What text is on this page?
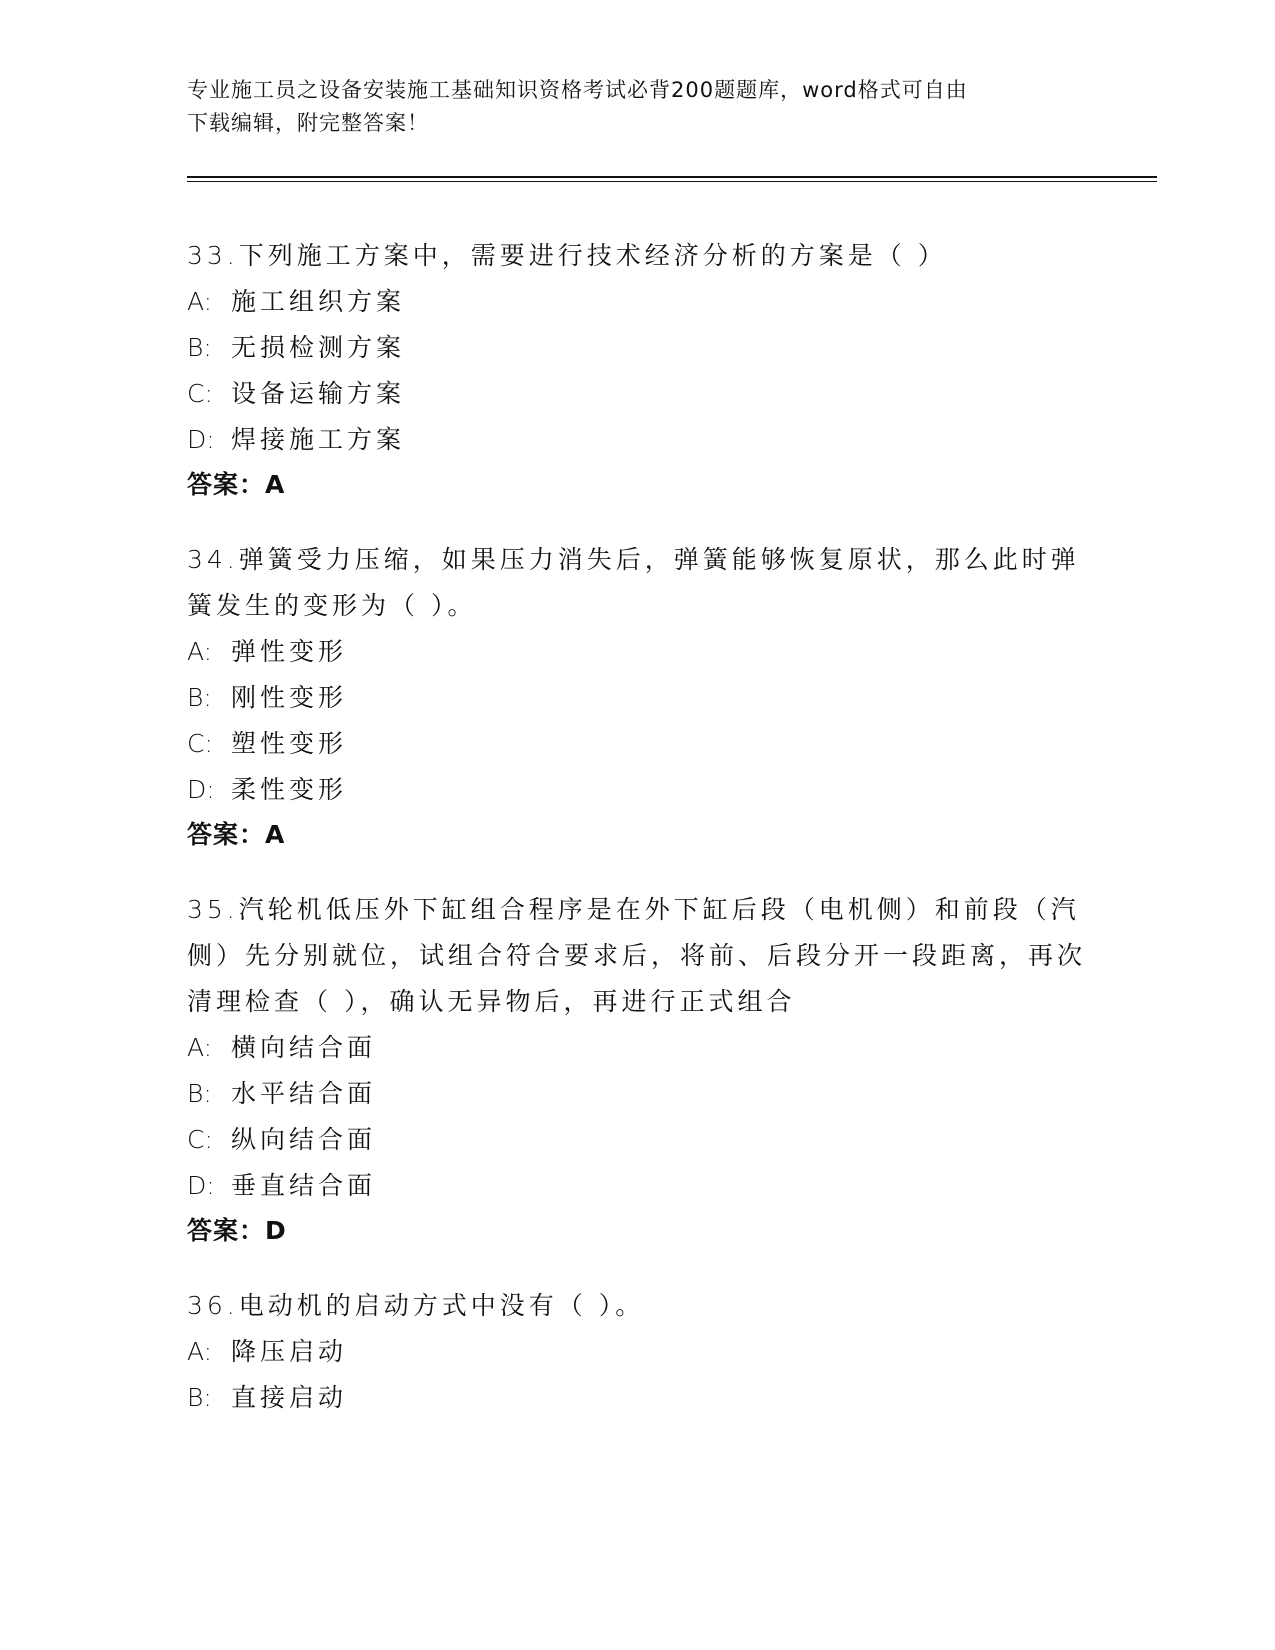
专业施工员之设备安装施工基础知识资格考试必背200题题库，word格式可自由
下载编辑，附完整答案！
33.下列施工方案中，需要进行技术经济分析的方案是（ ）
A: 施工组织方案
B: 无损检测方案
C: 设备运输方案
D: 焊接施工方案
答案：A
34.弹簧受力压缩，如果压力消失后，弹簧能够恢复原状，那么此时弹簧发生的变形为（ ）。
A: 弹性变形
B: 刚性变形
C: 塑性变形
D: 柔性变形
答案：A
35.汽轮机低压外下缸组合程序是在外下缸后段（电机侧）和前段（汽侧）先分别就位，试组合符合要求后，将前、后段分开一段距离，再次清理检查（ ），确认无异物后，再进行正式组合
A: 横向结合面
B: 水平结合面
C: 纵向结合面
D: 垂直结合面
答案：D
36.电动机的启动方式中没有（ ）。
A: 降压启动
B: 直接启动
